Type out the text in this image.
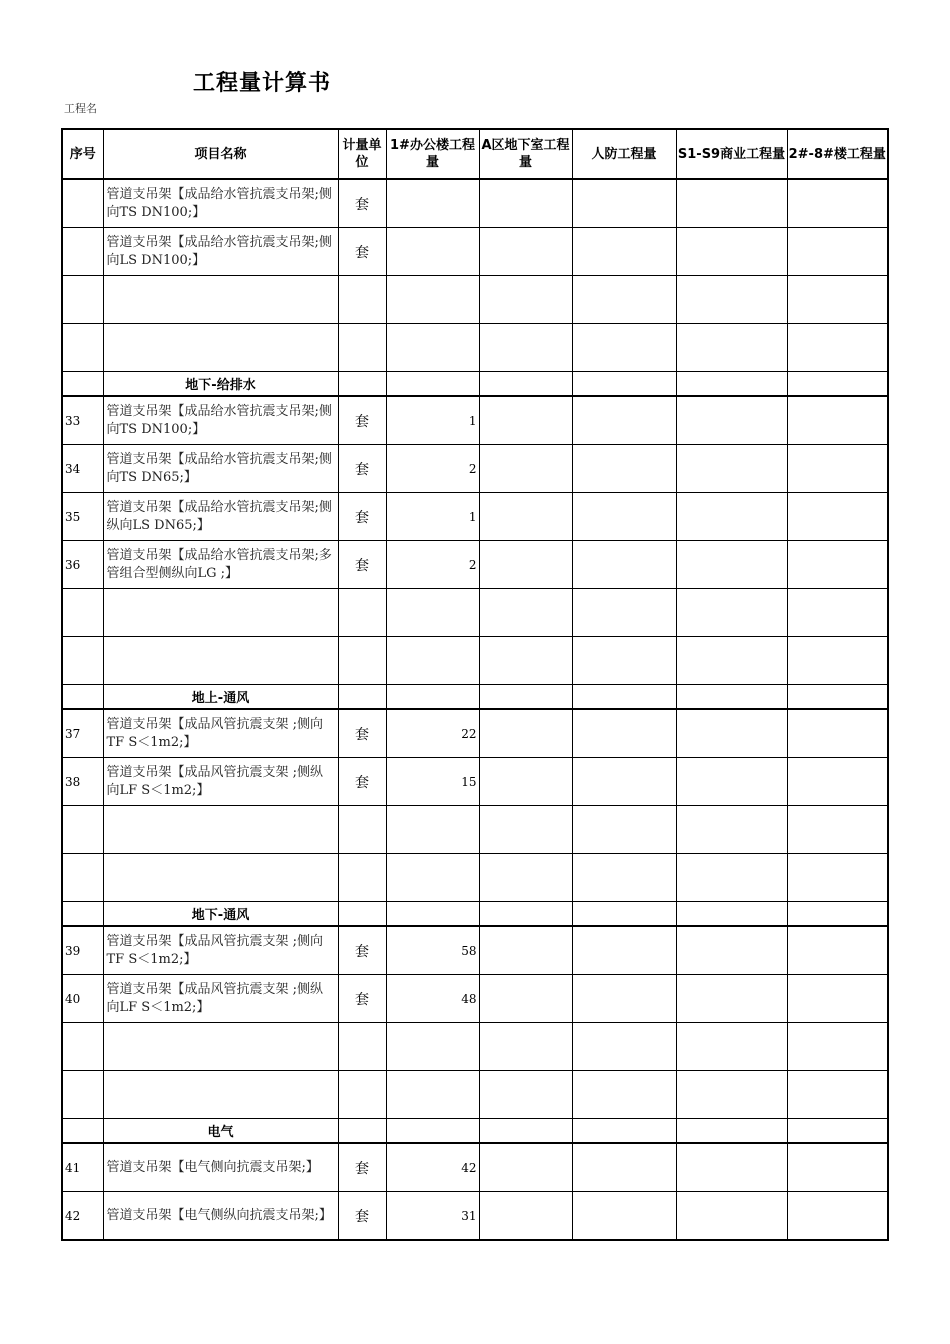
工程量计算书
工程名
序号	项目名称	计量单位	1#办公楼工程量	A区地下室工程量	人防工程量	S1-S9商业工程量	2#-8#楼工程量
	管道支吊架【成品给水管抗震支吊架;侧向TS DN100;】	套					
	管道支吊架【成品给水管抗震支吊架;侧向LS DN100;】	套					

	地下-给排水						
33	管道支吊架【成品给水管抗震支吊架;侧向TS DN100;】	套	1				
34	管道支吊架【成品给水管抗震支吊架;侧向TS DN65;】	套	2				
35	管道支吊架【成品给水管抗震支吊架;侧纵向LS DN65;】	套	1				
36	管道支吊架【成品给水管抗震支吊架;多管组合型侧纵向LG ;】	套	2				

	地上-通风						
37	管道支吊架【成品风管抗震支架 ;侧向TF S＜1m2;】	套	22				
38	管道支吊架【成品风管抗震支架 ;侧纵向LF S＜1m2;】	套	15				

	地下-通风						
39	管道支吊架【成品风管抗震支架 ;侧向TF S＜1m2;】	套	58				
40	管道支吊架【成品风管抗震支架 ;侧纵向LF S＜1m2;】	套	48				

	电气						
41	管道支吊架【电气侧向抗震支吊架;】	套	42				
42	管道支吊架【电气侧纵向抗震支吊架;】	套	31				
